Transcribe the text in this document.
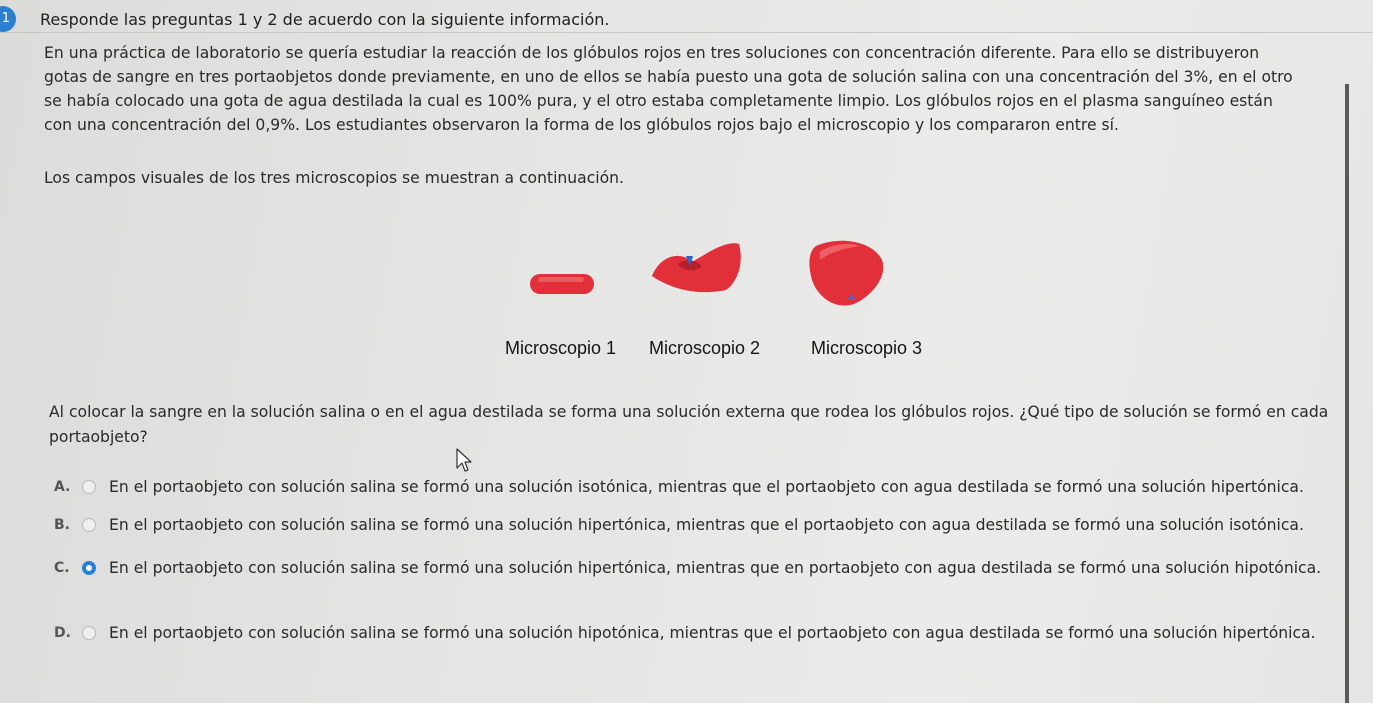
1	Responde las preguntas 1 y 2 de acuerdo con la siguiente información.
En una práctica de laboratorio se quería estudiar la reacción de los glóbulos rojos en tres soluciones con concentración diferente. Para ello se distribuyeron
gotas de sangre en tres portaobjetos donde previamente, en uno de ellos se había puesto una gota de solución salina con una concentración del 3%, en el otro
se había colocado una gota de agua destilada la cual es 100% pura, y el otro estaba completamente limpio. Los glóbulos rojos en el plasma sanguíneo están
con una concentración del 0,9%. Los estudiantes observaron la forma de los glóbulos rojos bajo el microscopio y los compararon entre sí.
Los campos visuales de los tres microscopios se muestran a continuación.
Microscopio 1 Microscopio 2	Microscopio 3
Al colocar la sangre en la solución salina o en el agua destilada se forma una solución externa que rodea los glóbulos rojos. ¿Qué tipo de solución se formó en cada portaobjeto?
A. En el portaobjeto con solución salina se formó una solución isotónica, mientras que el portaobjeto con agua destilada se formó una solución hipertónica.
B.	En el portaobjeto con solución salina se formó una solución hipertónica, mientras que el portaobjeto con agua destilada se formó una solución isotónica.
C.	En el portaobjeto con solución salina se formó una solución hipertónica, mientras que en portaobjeto con agua destilada se formó una solución hipotónica.
D. En el portaobjeto con solución salina se formó una solución hipotónica, mientras que el portaobjeto con agua destilada se formó una solución hipertónica.
